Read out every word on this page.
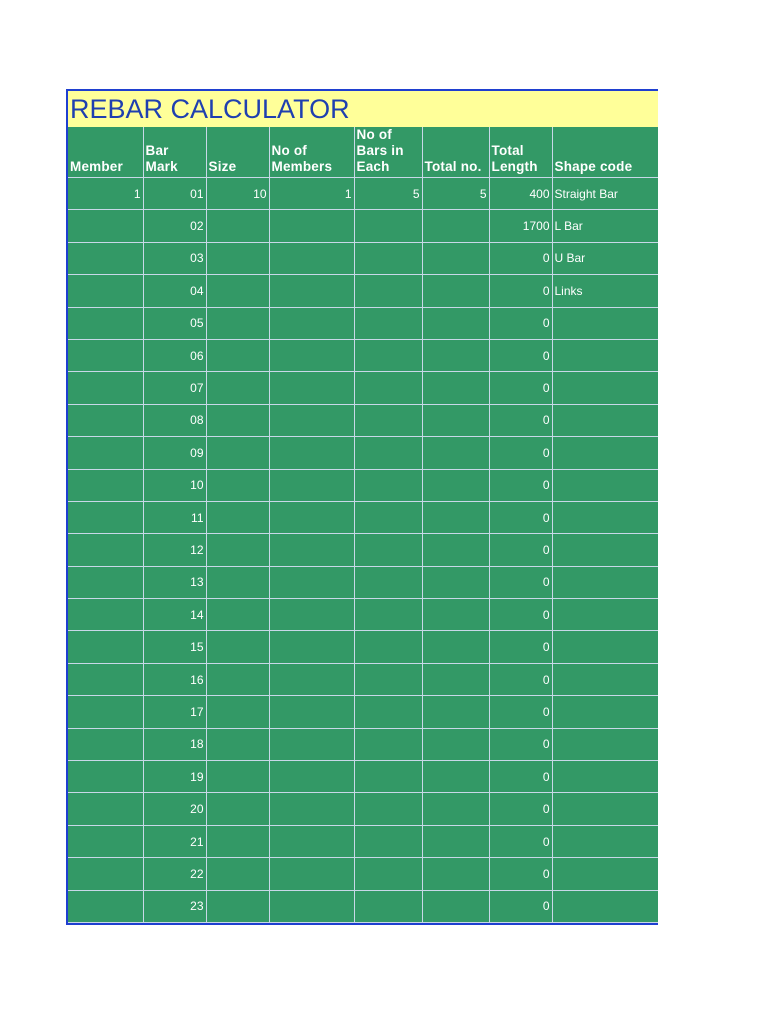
REBAR CALCULATOR
Member	Bar Mark	Size	No of Members	No of Bars in Each	Total no.	Total Length	Shape code
1	01	10	1	5	5	400	Straight Bar
	02					1700	L Bar
	03					0	U Bar
	04					0	Links
	05					0	
	06					0	
	07					0	
	08					0	
	09					0	
	10					0	
	11					0	
	12					0	
	13					0	
	14					0	
	15					0	
	16					0	
	17					0	
	18					0	
	19					0	
	20					0	
	21					0	
	22					0	
	23					0	
